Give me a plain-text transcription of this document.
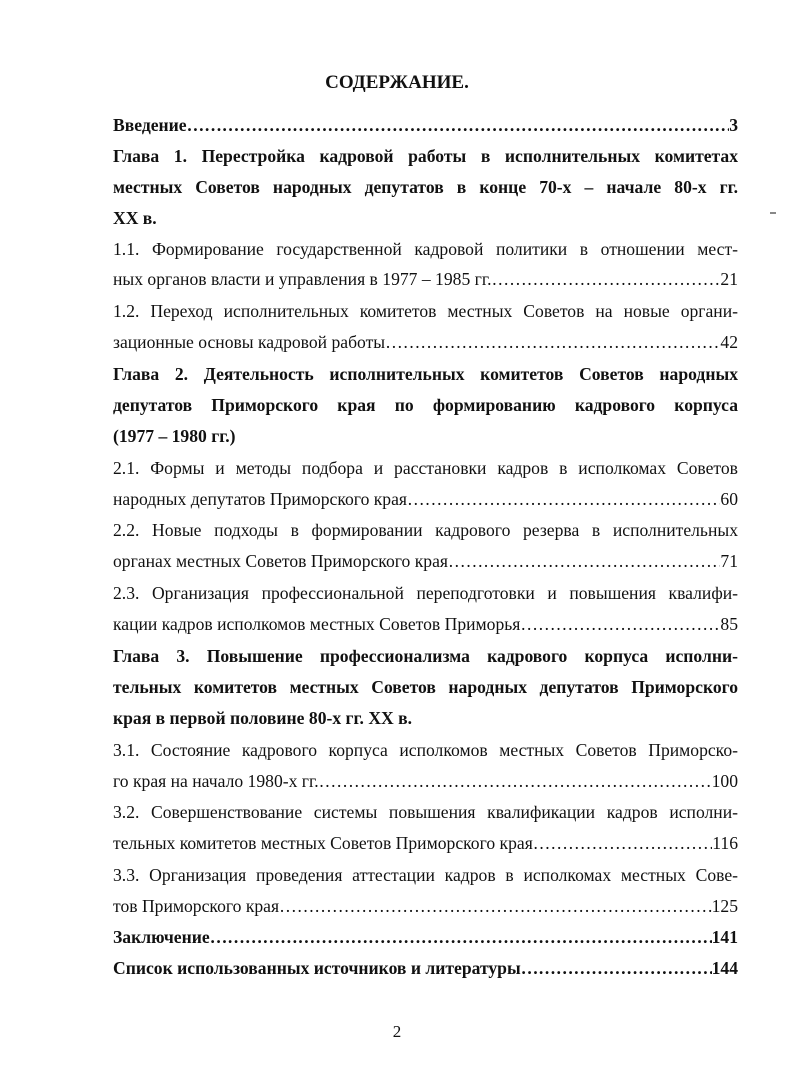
СОДЕРЖАНИЕ.
Введение ……………………………………………………………………………………………………………………………………………	3
Глава 1. Перестройка кадровой работы в исполнительных комитетах
местных Советов народных депутатов в конце 70-х – начале 80-х гг.
XX в.
1.1. Формирование государственной кадровой политики в отношении мест-
ных органов власти и управления в 1977 – 1985 гг. ……………………………………………………………………………………………………………………………………………	21
1.2. Переход исполнительных комитетов местных Советов на новые органи-
зационные основы кадровой работы ……………………………………………………………………………………………………………………………………………	42
Глава 2. Деятельность исполнительных комитетов Советов народных
депутатов Приморского края по формированию кадрового корпуса
(1977 – 1980 гг.)
2.1. Формы и методы подбора и расстановки кадров в исполкомах Советов
народных депутатов Приморского края ……………………………………………………………………………………………………………………………………………	60
2.2. Новые подходы в формировании кадрового резерва в исполнительных
органах местных Советов Приморского края ……………………………………………………………………………………………………………………………………………	71
2.3. Организация профессиональной переподготовки и повышения квалифи-
кации кадров исполкомов местных Советов Приморья ……………………………………………………………………………………………………………………………………………	85
Глава 3. Повышение профессионализма кадрового корпуса исполни-
тельных комитетов местных Советов народных депутатов Приморского
края в первой половине 80-х гг. XX в.
3.1. Состояние кадрового корпуса исполкомов местных Советов Приморско-
го края на начало 1980-х гг. ……………………………………………………………………………………………………………………………………………	100
3.2. Совершенствование системы повышения квалификации кадров исполни-
тельных комитетов местных Советов Приморского края ……………………………………………………………………………………………………………………………………………	116
3.3. Организация проведения аттестации кадров в исполкомах местных Сове-
тов Приморского края ……………………………………………………………………………………………………………………………………………	125
Заключение ……………………………………………………………………………………………………………………………………………	141
Список использованных источников и литературы ……………………………………………………………………………………………………………………………………………	144
2
